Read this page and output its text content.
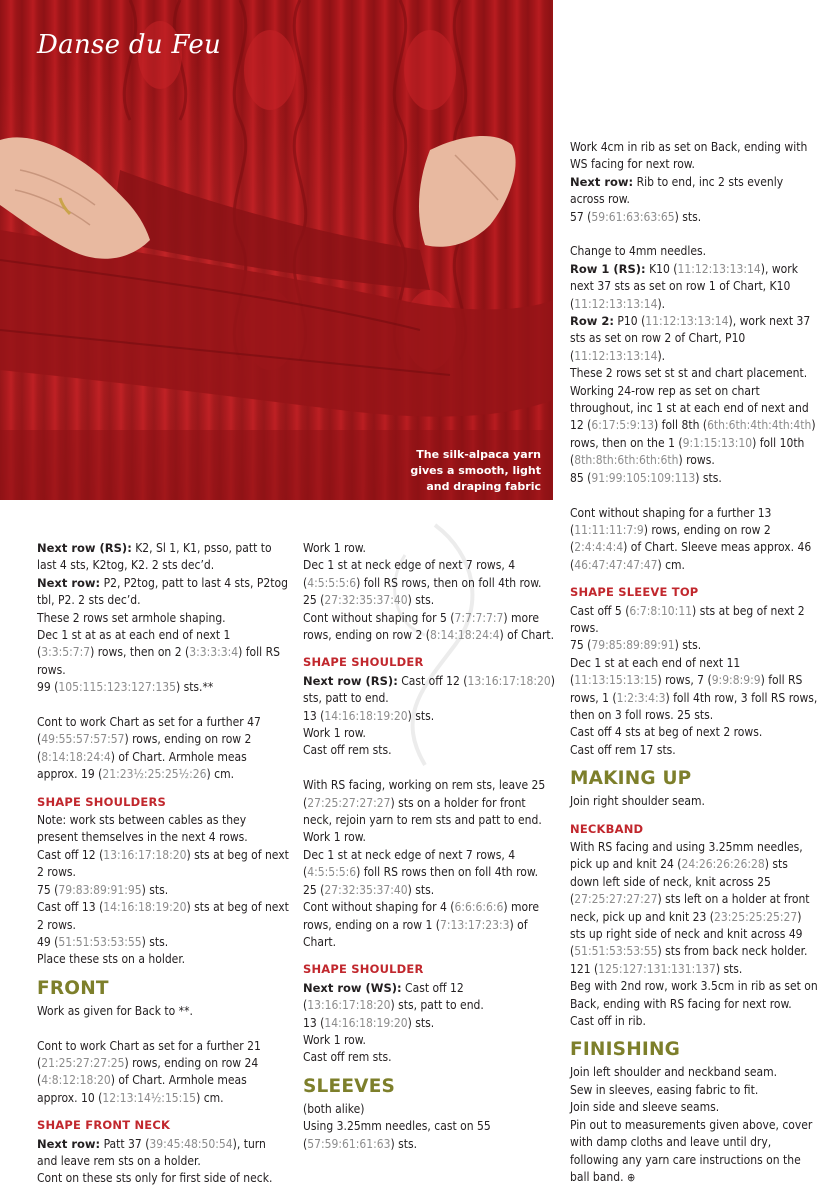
Danse du Feu
The silk-alpaca yarn gives a smooth, light and draping fabric

Next row (RS): K2, Sl 1, K1, psso, patt to last 4 sts, K2tog, K2. 2 sts dec’d.

Next row: P2, P2tog, patt to last 4 sts, P2tog tbl, P2. 2 sts dec’d.

These 2 rows set armhole shaping.

Dec 1 st at as at each end of next 1 (3:3:5:7:7) rows, then on 2 (3:3:3:3:4) foll RS rows.

99 (105:115:123:127:135) sts.**

Cont to work Chart as set for a further 47 (49:55:57:57:57) rows, ending on row 2 (8:14:18:24:4) of Chart. Armhole meas approx. 19 (21:23½:25:25½:26) cm.

SHAPE SHOULDERS

Note: work sts between cables as they present themselves in the next 4 rows.

Cast off 12 (13:16:17:18:20) sts at beg of next 2 rows.

75 (79:83:89:91:95) sts.

Cast off 13 (14:16:18:19:20) sts at beg of next 2 rows.

49 (51:51:53:53:55) sts.

Place these sts on a holder.

FRONT

Work as given for Back to **.

Cont to work Chart as set for a further 21 (21:25:27:27:25) rows, ending on row 24 (4:8:12:18:20) of Chart. Armhole meas approx. 10 (12:13:14½:15:15) cm.

SHAPE FRONT NECK

Next row: Patt 37 (39:45:48:50:54), turn and leave rem sts on a holder.

Cont on these sts only for first side of neck.

Work 1 row.

Dec 1 st at neck edge of next 7 rows, 4 (4:5:5:5:6) foll RS rows, then on foll 4th row.

25 (27:32:35:37:40) sts.

Cont without shaping for 5 (7:7:7:7:7) more rows, ending on row 2 (8:14:18:24:4) of Chart.

SHAPE SHOULDER

Next row (RS): Cast off 12 (13:16:17:18:20) sts, patt to end.

13 (14:16:18:19:20) sts.

Work 1 row.

Cast off rem sts.

With RS facing, working on rem sts, leave 25 (27:25:27:27:27) sts on a holder for front neck, rejoin yarn to rem sts and patt to end.

Work 1 row.

Dec 1 st at neck edge of next 7 rows, 4 (4:5:5:5:6) foll RS rows then on foll 4th row.

25 (27:32:35:37:40) sts.

Cont without shaping for 4 (6:6:6:6:6) more rows, ending on a row 1 (7:13:17:23:3) of Chart.

SHAPE SHOULDER

Next row (WS): Cast off 12 (13:16:17:18:20) sts, patt to end.

13 (14:16:18:19:20) sts.

Work 1 row.

Cast off rem sts.

SLEEVES

(both alike)

Using 3.25mm needles, cast on 55 (57:59:61:61:63) sts.

Work 4cm in rib as set on Back, ending with WS facing for next row.

Next row: Rib to end, inc 2 sts evenly across row.

57 (59:61:63:63:65) sts.

Change to 4mm needles.

Row 1 (RS): K10 (11:12:13:13:14), work next 37 sts as set on row 1 of Chart, K10 (11:12:13:13:14).

Row 2: P10 (11:12:13:13:14), work next 37 sts as set on row 2 of Chart, P10 (11:12:13:13:14).

These 2 rows set st st and chart placement. Working 24-row rep as set on chart throughout, inc 1 st at each end of next and 12 (6:17:5:9:13) foll 8th (6th:6th:4th:4th:4th) rows, then on the 1 (9:1:15:13:10) foll 10th (8th:8th:6th:6th:6th) rows.

85 (91:99:105:109:113) sts.

Cont without shaping for a further 13 (11:11:11:7:9) rows, ending on row 2 (2:4:4:4:4) of Chart. Sleeve meas approx. 46 (46:47:47:47:47) cm.

SHAPE SLEEVE TOP

Cast off 5 (6:7:8:10:11) sts at beg of next 2 rows.

75 (79:85:89:89:91) sts.

Dec 1 st at each end of next 11 (11:13:15:13:15) rows, 7 (9:9:8:9:9) foll RS rows, 1 (1:2:3:4:3) foll 4th row, 3 foll RS rows, then on 3 foll rows. 25 sts.

Cast off 4 sts at beg of next 2 rows.

Cast off rem 17 sts.

MAKING UP

Join right shoulder seam.

NECKBAND

With RS facing and using 3.25mm needles, pick up and knit 24 (24:26:26:26:28) sts down left side of neck, knit across 25 (27:25:27:27:27) sts left on a holder at front neck, pick up and knit 23 (23:25:25:25:27) sts up right side of neck and knit across 49 (51:51:53:53:55) sts from back neck holder.

121 (125:127:131:131:137) sts.

Beg with 2nd row, work 3.5cm in rib as set on Back, ending with RS facing for next row.

Cast off in rib.

FINISHING

Join left shoulder and neckband seam.

Sew in sleeves, easing fabric to fit.

Join side and sleeve seams.

Pin out to measurements given above, cover with damp cloths and leave until dry, following any yarn care instructions on the ball band. ⊕
